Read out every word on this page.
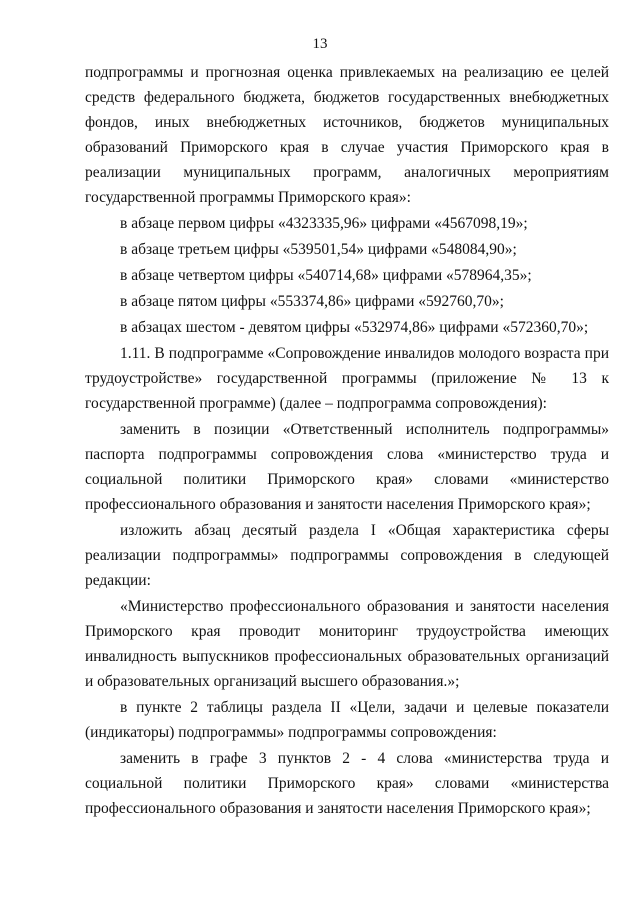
13

подпрограммы и прогнозная оценка привлекаемых на реализацию ее целей средств федерального бюджета, бюджетов государственных внебюджетных фондов, иных внебюджетных источников, бюджетов муниципальных образований Приморского края в случае участия Приморского края в реализации муниципальных программ, аналогичных мероприятиям государственной программы Приморского края»:

в абзаце первом цифры «4323335,96» цифрами «4567098,19»;

в абзаце третьем цифры «539501,54» цифрами «548084,90»;

в абзаце четвертом цифры «540714,68» цифрами «578964,35»;

в абзаце пятом цифры «553374,86» цифрами «592760,70»;

в абзацах шестом - девятом цифры «532974,86» цифрами «572360,70»;

1.11. В подпрограмме «Сопровождение инвалидов молодого возраста при трудоустройстве» государственной программы (приложение № 13 к государственной программе) (далее – подпрограмма сопровождения):

заменить в позиции «Ответственный исполнитель подпрограммы» паспорта подпрограммы сопровождения слова «министерство труда и социальной политики Приморского края» словами «министерство профессионального образования и занятости населения Приморского края»;

изложить абзац десятый раздела I «Общая характеристика сферы реализации подпрограммы» подпрограммы сопровождения в следующей редакции:

«Министерство профессионального образования и занятости населения Приморского края проводит мониторинг трудоустройства имеющих инвалидность выпускников профессиональных образовательных организаций и образовательных организаций высшего образования.»;

в пункте 2 таблицы раздела II «Цели, задачи и целевые показатели (индикаторы) подпрограммы» подпрограммы сопровождения:

заменить в графе 3 пунктов 2 - 4 слова «министерства труда и социальной политики Приморского края» словами «министерства профессионального образования и занятости населения Приморского края»;
